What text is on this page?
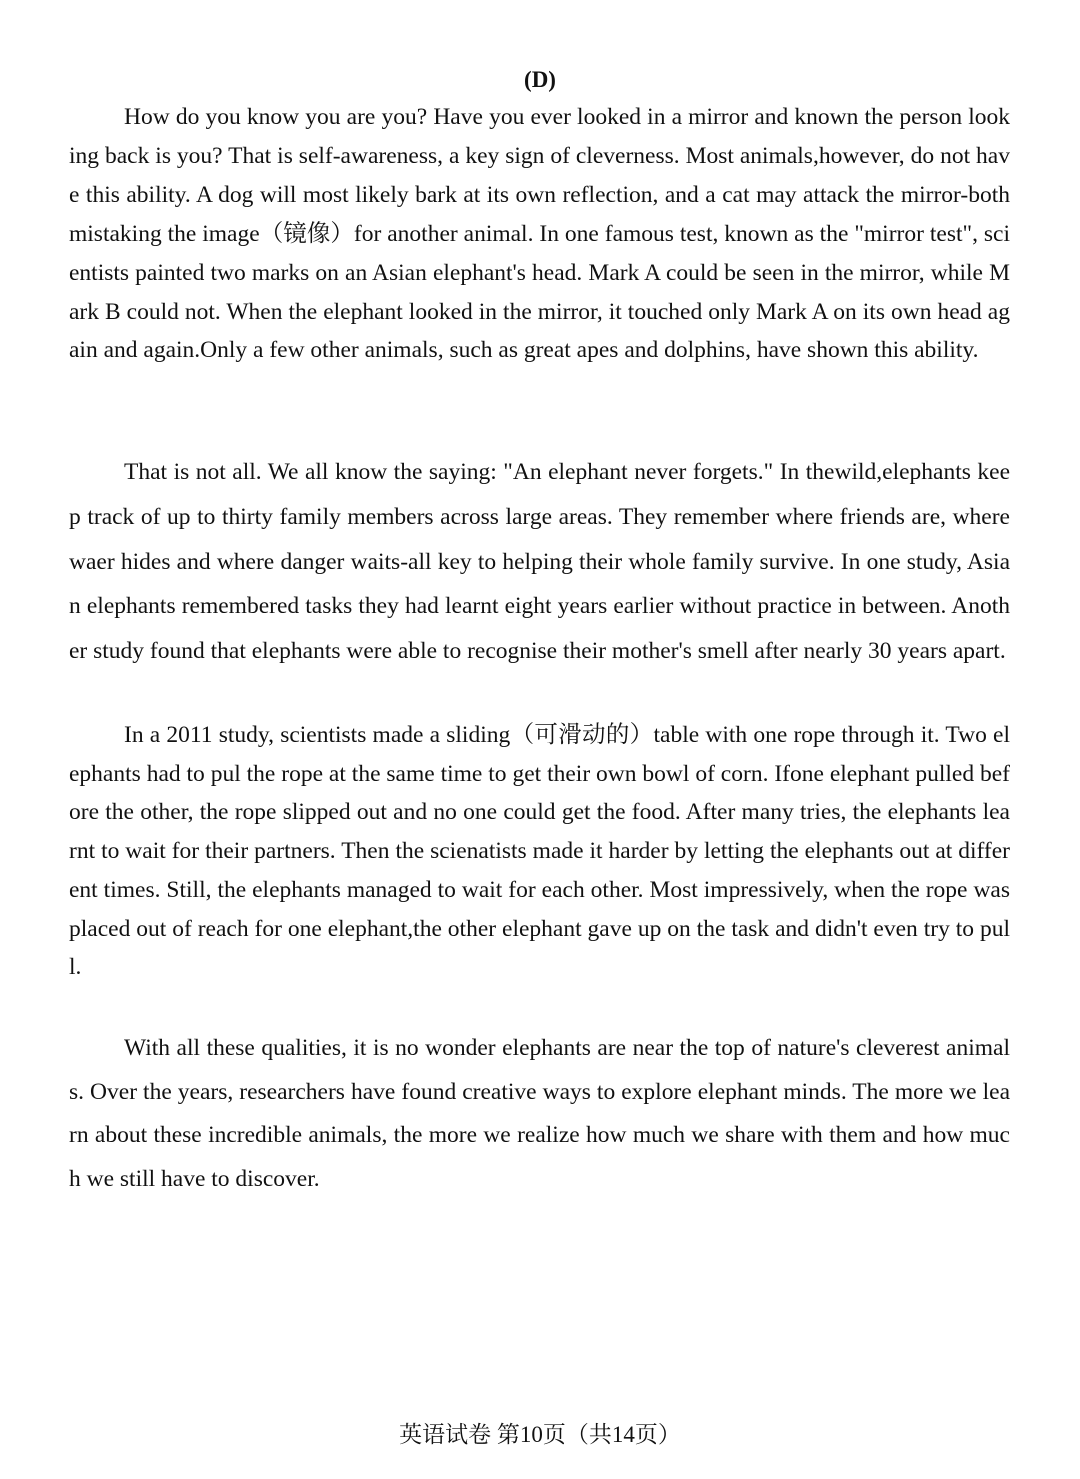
(D)

How do you know you are you? Have you ever looked in a mirror and known the person looking back is you? That is self-awareness, a key sign of cleverness. Most animals,however, do not have this ability. A dog will most likely bark at its own reflection, and a cat may attack the mirror-both mistaking the image（镜像）for another animal. In one famous test, known as the "mirror test", scientists painted two marks on an Asian elephant's head. Mark A could be seen in the mirror, while Mark B could not. When the elephant looked in the mirror, it touched only Mark A on its own head again and again.Only a few other animals, such as great apes and dolphins, have shown this ability.

That is not all. We all know the saying: "An elephant never forgets." In thewild,elephants keep track of up to thirty family members across large areas. They remember where friends are, where waer hides and where danger waits-all key to helping their whole family survive. In one study, Asian elephants remembered tasks they had learnt eight years earlier without practice in between. Another study found that elephants were able to recognise their mother's smell after nearly 30 years apart.

In a 2011 study, scientists made a sliding（可滑动的）table with one rope through it. Two elephants had to pul the rope at the same time to get their own bowl of corn. Ifone elephant pulled before the other, the rope slipped out and no one could get the food. After many tries, the elephants learnt to wait for their partners. Then the scienatists made it harder by letting the elephants out at different times. Still, the elephants managed to wait for each other. Most impressively, when the rope was placed out of reach for one elephant,the other elephant gave up on the task and didn't even try to pull.

With all these qualities, it is no wonder elephants are near the top of nature's cleverest animals. Over the years, researchers have found creative ways to explore elephant minds. The more we learn about these incredible animals, the more we realize how much we share with them and how much we still have to discover.

英语试卷 第10页（共14页）
